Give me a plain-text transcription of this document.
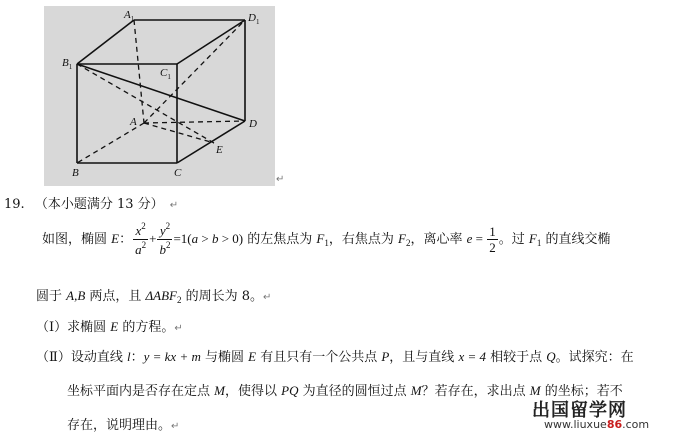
$A_1$	$D_1$
$B_1$	$C_1$
A	D
E
B	C
↵
19. （本小题满分 13 分） ↵
如图，椭圆 E： $\frac{x^2}{a^2} + \frac{y^2}{b^2} =1(a > b > 0)$ 的左焦点为 $F_1$，右焦点为 $F_2$，离心率 $e = \frac{1}{2}$ 。过 $F_1$ 的直线交椭
圆于 A,B 两点，且 $\Delta ABF_2$ 的周长为 8。↵
（Ⅰ）求椭圆 E 的方程。↵
（Ⅱ）设动直线 l：y = kx + m 与椭圆 E 有且只有一个公共点 P，且与直线 x = 4 相较于点 Q。试探究：在
坐标平面内是否存在定点 M，使得以 PQ 为直径的圆恒过点 M？若存在，求出点 M 的坐标；若不
存在，说明理由。↵
出国留学网
www.liuxue86.com
